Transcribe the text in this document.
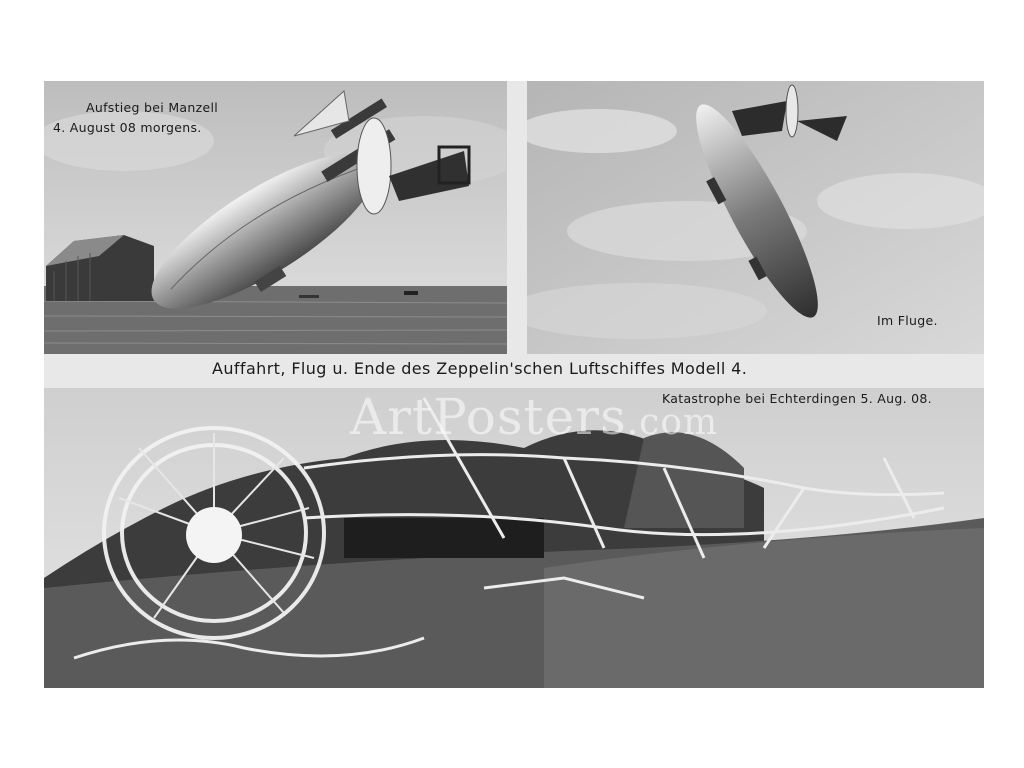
Aufstieg bei Manzell
4. August 08 morgens.
Im Fluge.
Auffahrt, Flug u. Ende des Zeppelin'schen Luftschiffes Modell 4.
Katastrophe bei Echterdingen 5. Aug. 08.
ArtPosters.com
